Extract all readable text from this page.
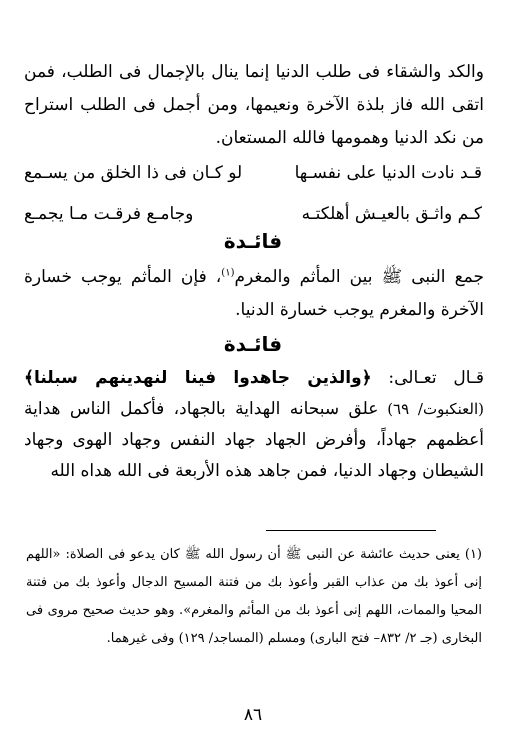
والكد والشقاء فى طلب الدنيا إنما ينال بالإجمال فى الطلب، فمن اتقى الله فاز بلذة الآخرة ونعيمها، ومن أجمل فى الطلب استراح من نكد الدنيا وهمومها فالله المستعان.
قـد نادت الدنيا على نفسـها
لو كـان فى ذا الخلق من يسـمع
كـم واثـق بالعيـش أهلكتـه
وجامـع فرقـت مـا يجمـع
فائـدة
جمع النبى ﷺ بين المأثم والمغرم$^{(١)}$، فإن المأثم يوجب خسارة الآخرة والمغرم يوجب خسارة الدنيا.
فائـدة
قـال تعـالى: ﴿والذين جاهدوا فينا لنهدينهم سبلنا﴾ (العنكبوت/ ٦٩) علق سبحانه الهداية بالجهاد، فأكمل الناس هداية أعظمهم جهاداً، وأفرض الجهاد جهاد النفس وجهاد الهوى وجهاد الشيطان وجهاد الدنيا، فمن جاهد هذه الأربعة فى الله هداه الله
(١) يعنى حديث عائشة عن النبى ﷺ أن رسول الله ﷺ كان يدعو فى الصلاة: «اللهم إنى أعوذ بك من عذاب القبر وأعوذ بك من فتنة المسيح الدجال وأعوذ بك من فتنة المحيا والممات، اللهم إنى أعوذ بك من المأثم والمغرم». وهو حديث صحيح مروى فى البخارى (جـ ٢/ ٨٣٢– فتح البارى) ومسلم (المساجد/ ١٢٩) وفى غيرهما.
٨٦
